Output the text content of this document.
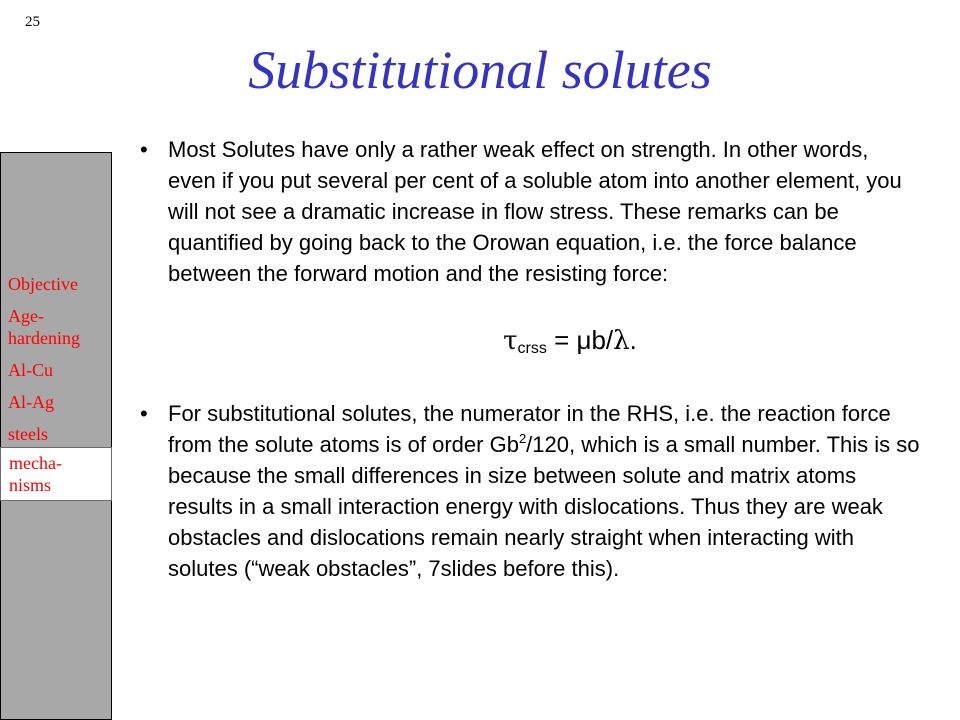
25
Substitutional solutes
Objective
Age-
hardening
Al-Cu
Al-Ag
steels
mecha-
nisms

• Most Solutes have only a rather weak effect on strength. In other words, even if you put several per cent of a soluble atom into another element, you will not see a dramatic increase in flow stress. These remarks can be quantified by going back to the Orowan equation, i.e. the force balance between the forward motion and the resisting force:

$\tau_{crss} = \mu b/\lambda$.

• For substitutional solutes, the numerator in the RHS, i.e. the reaction force from the solute atoms is of order Gb$^2$/120, which is a small number. This is so because the small differences in size between solute and matrix atoms results in a small interaction energy with dislocations. Thus they are weak obstacles and dislocations remain nearly straight when interacting with solutes (“weak obstacles”, 7slides before this).
